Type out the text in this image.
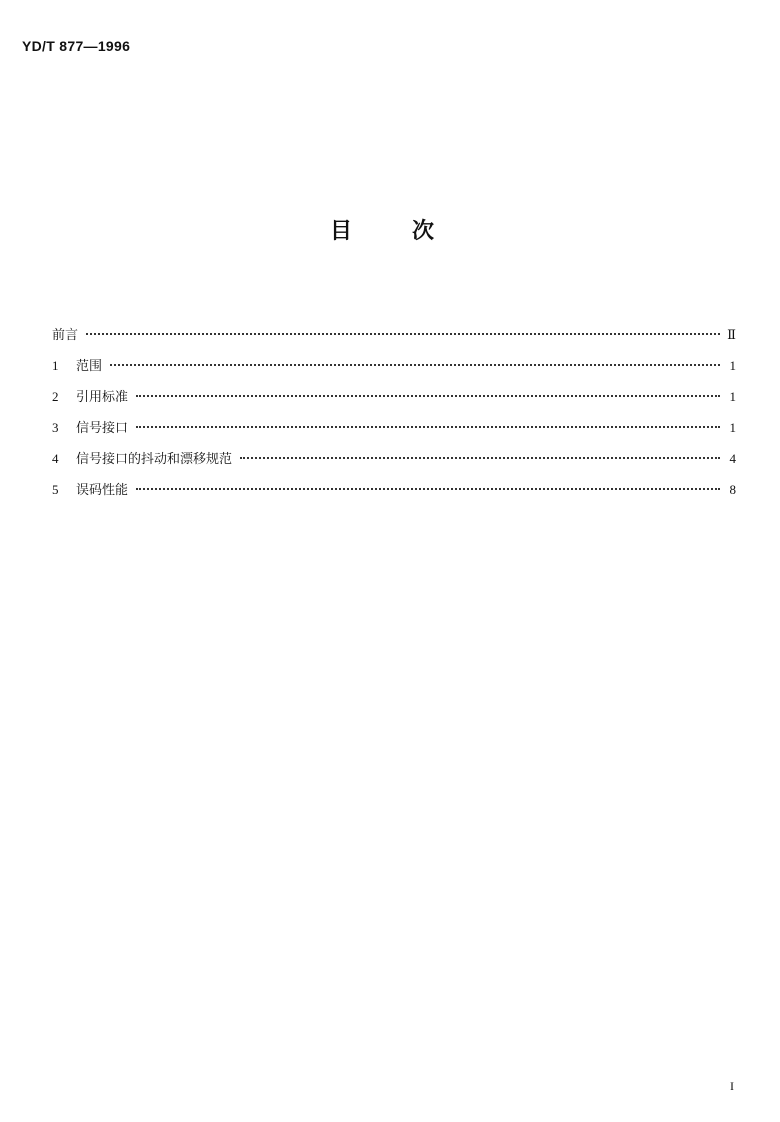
YD/T 877—1996
目	次
前言	Ⅱ
1	范围	1
2	引用标准	1
3	信号接口	1
4	信号接口的抖动和漂移规范	4
5	误码性能	8
I
